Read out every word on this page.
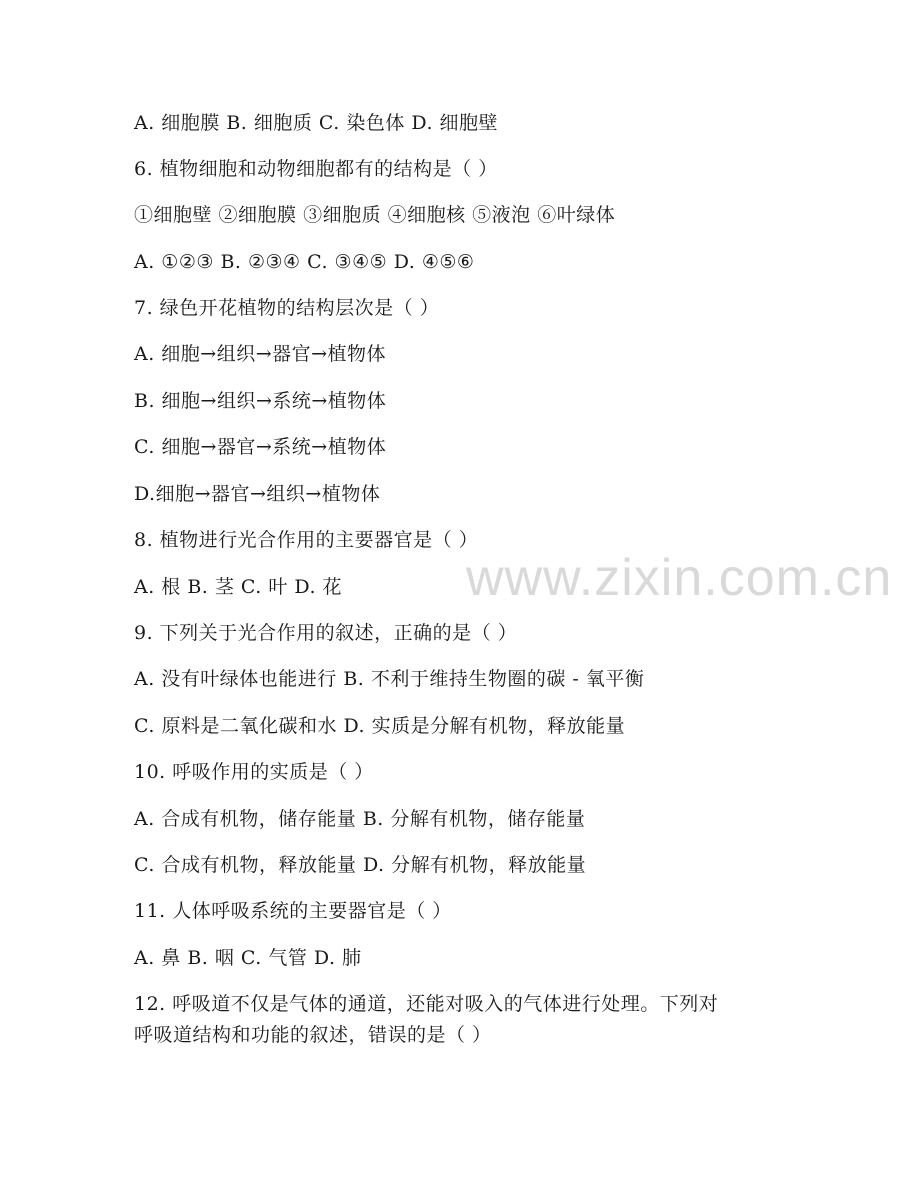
www.zixin.com.cn
A. 细胞膜 B. 细胞质 C. 染色体 D. 细胞壁
6. 植物细胞和动物细胞都有的结构是（ ）
①细胞壁 ②细胞膜 ③细胞质 ④细胞核 ⑤液泡 ⑥叶绿体
A. ①②③ B. ②③④ C. ③④⑤ D. ④⑤⑥
7. 绿色开花植物的结构层次是（ ）
A. 细胞→组织→器官→植物体
B. 细胞→组织→系统→植物体
C. 细胞→器官→系统→植物体
D.细胞→器官→组织→植物体
8. 植物进行光合作用的主要器官是（ ）
A. 根 B. 茎 C. 叶 D. 花
9. 下列关于光合作用的叙述，正确的是（ ）
A. 没有叶绿体也能进行 B. 不利于维持生物圈的碳 - 氧平衡
C. 原料是二氧化碳和水 D. 实质是分解有机物，释放能量
10. 呼吸作用的实质是（ ）
A. 合成有机物，储存能量 B. 分解有机物，储存能量
C. 合成有机物，释放能量 D. 分解有机物，释放能量
11. 人体呼吸系统的主要器官是（ ）
A. 鼻 B. 咽 C. 气管 D. 肺
12. 呼吸道不仅是气体的通道，还能对吸入的气体进行处理。下列对
呼吸道结构和功能的叙述，错误的是（ ）
